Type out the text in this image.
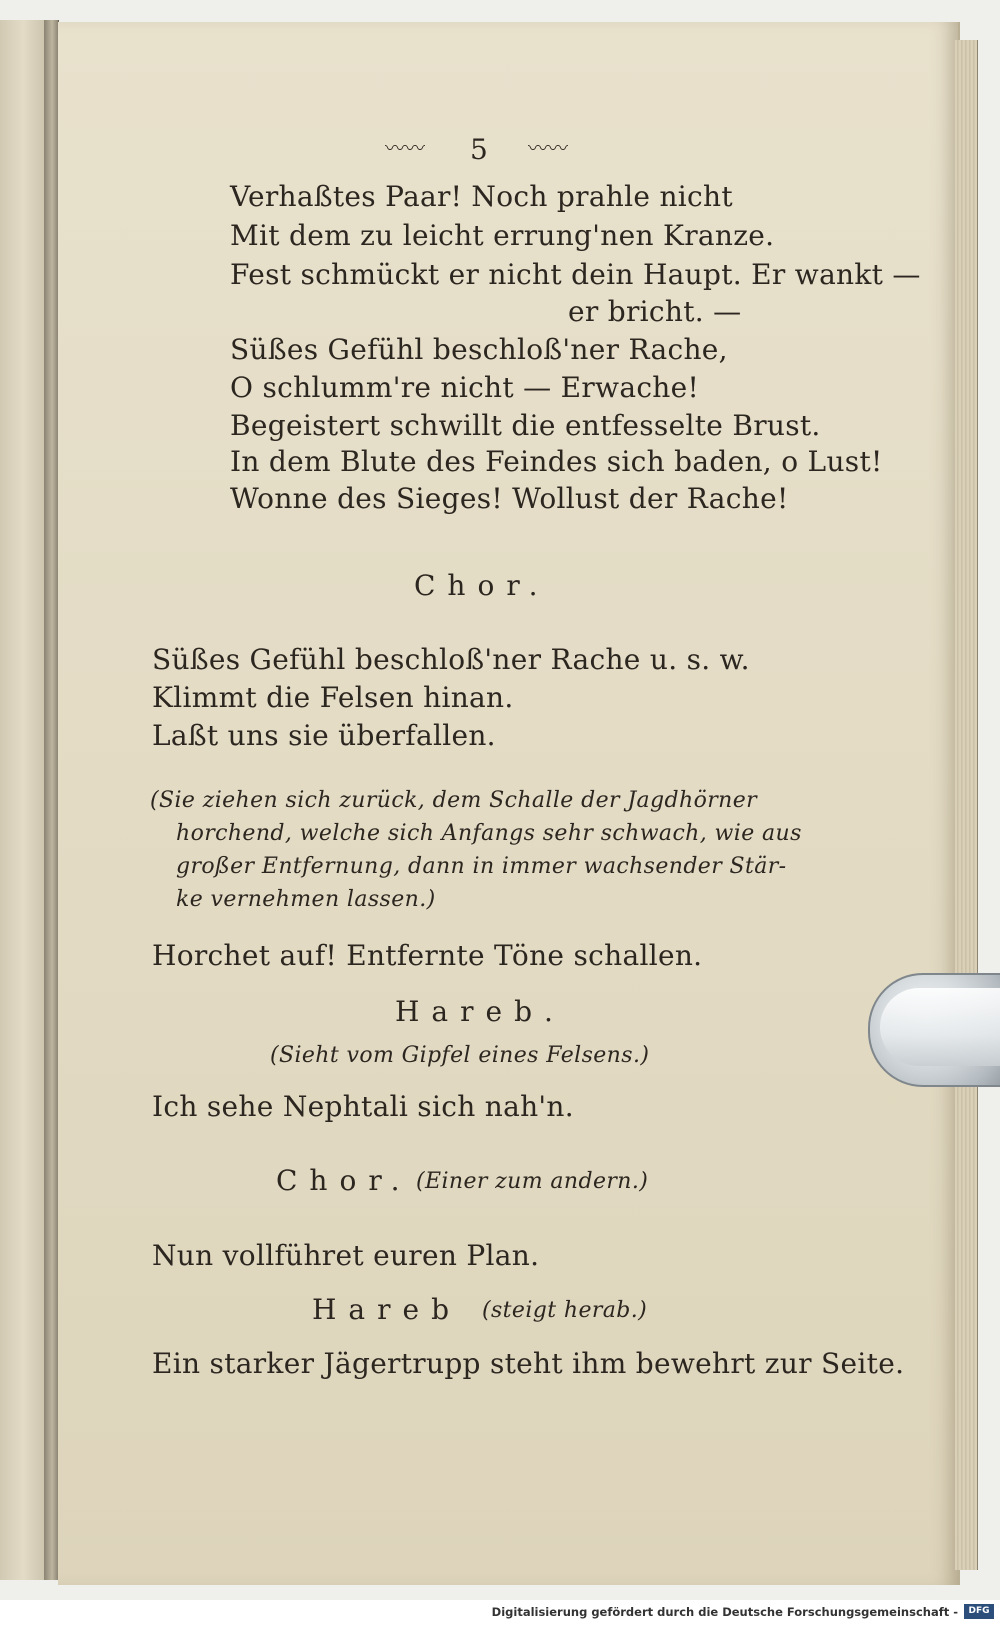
〰〰 5 〰〰
Verhaßtes Paar! Noch prahle nicht
Mit dem zu leicht errung'nen Kranze.
Fest schmückt er nicht dein Haupt. Er wankt —
er bricht. —
Süßes Gefühl beschloß'ner Rache,
O schlumm're nicht — Erwache!
Begeistert schwillt die entfesselte Brust.
In dem Blute des Feindes sich baden, o Lust!
Wonne des Sieges! Wollust der Rache!
Chor.
Süßes Gefühl beschloß'ner Rache u. s. w.
Klimmt die Felsen hinan.
Laßt uns sie überfallen.
(Sie ziehen sich zurück, dem Schalle der Jagdhörner
horchend, welche sich Anfangs sehr schwach, wie aus
großer Entfernung, dann in immer wachsender Stär-
ke vernehmen lassen.)
Horchet auf! Entfernte Töne schallen.
Hareb.
(Sieht vom Gipfel eines Felsens.)
Ich sehe Nephtali sich nah'n.
Chor. (Einer zum andern.)
Nun vollführet euren Plan.
Hareb (steigt herab.)
Ein starker Jägertrupp steht ihm bewehrt zur Seite.
Digitalisierung gefördert durch die Deutsche Forschungsgemeinschaft -	DFG
